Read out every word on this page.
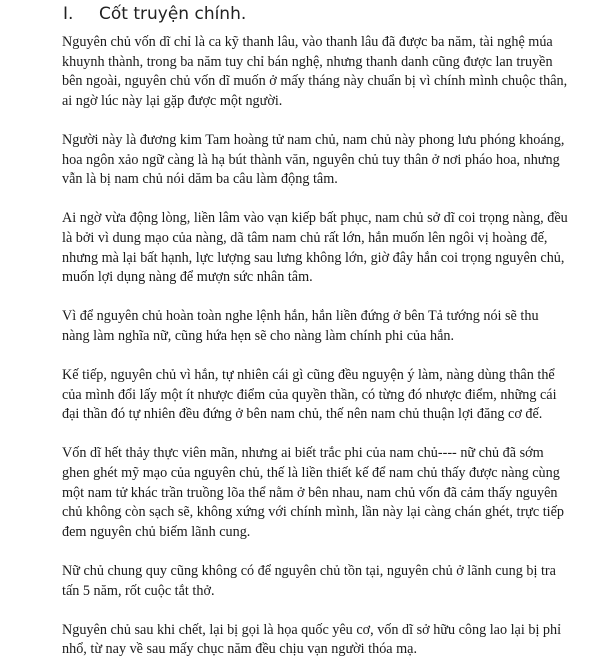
I.	Cốt truyện chính.
Nguyên chủ vốn dĩ chỉ là ca kỹ thanh lâu, vào thanh lâu đã được ba năm, tài nghệ múa
khuynh thành, trong ba năm tuy chỉ bán nghệ, nhưng thanh danh cũng được lan truyền
bên ngoài, nguyên chủ vốn dĩ muốn ở mấy tháng này chuẩn bị vì chính mình chuộc thân,
ai ngờ lúc này lại gặp được một người.
Người này là đương kim Tam hoàng tử nam chủ, nam chủ này phong lưu phóng khoáng,
hoa ngôn xảo ngữ càng là hạ bút thành văn, nguyên chủ tuy thân ở nơi pháo hoa, nhưng
vẫn là bị nam chủ nói dăm ba câu làm động tâm.
Ai ngờ vừa động lòng, liền lâm vào vạn kiếp bất phục, nam chủ sở dĩ coi trọng nàng, đều
là bởi vì dung mạo của nàng, dã tâm nam chủ rất lớn, hắn muốn lên ngôi vị hoàng đế,
nhưng mà lại bất hạnh, lực lượng sau lưng không lớn, giờ đây hắn coi trọng nguyên chủ,
muốn lợi dụng nàng để mượn sức nhân tâm.
Vì để nguyên chủ hoàn toàn nghe lệnh hắn, hắn liền đứng ở bên Tả tướng nói sẽ thu
nàng làm nghĩa nữ, cũng hứa hẹn sẽ cho nàng làm chính phi của hắn.
Kế tiếp, nguyên chủ vì hắn, tự nhiên cái gì cũng đều nguyện ý làm, nàng dùng thân thể
của mình đổi lấy một ít nhược điểm của quyền thần, có từng đó nhược điểm, những cái
đại thần đó tự nhiên đều đứng ở bên nam chủ, thế nên nam chủ thuận lợi đăng cơ đế.
Vốn dĩ hết thảy thực viên mãn, nhưng ai biết trắc phi của nam chủ---- nữ chủ đã sớm
ghen ghét mỹ mạo của nguyên chủ, thế là liền thiết kế để nam chủ thấy được nàng cùng
một nam tử khác trần truồng lõa thể nằm ở bên nhau, nam chủ vốn đã cảm thấy nguyên
chủ không còn sạch sẽ, không xứng với chính mình, lần này lại càng chán ghét, trực tiếp
đem nguyên chủ biếm lãnh cung.
Nữ chủ chung quy cũng không có để nguyên chủ tồn tại, nguyên chủ ở lãnh cung bị tra
tấn 5 năm, rốt cuộc tắt thở.
Nguyên chủ sau khi chết, lại bị gọi là họa quốc yêu cơ, vốn dĩ sở hữu công lao lại bị phỉ
nhổ, từ nay về sau mấy chục năm đều chịu vạn người thóa mạ.
